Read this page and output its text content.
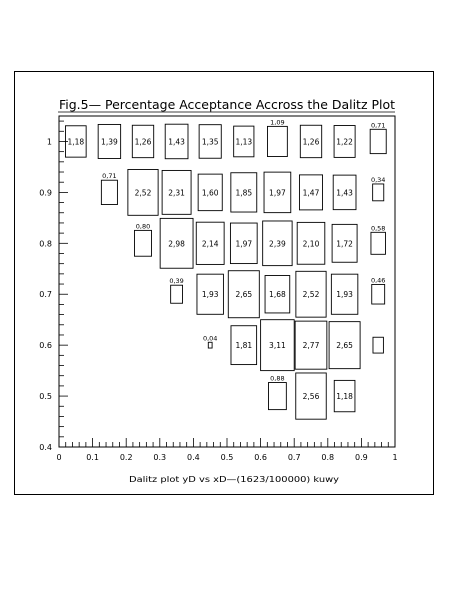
Fig.5— Percentage Acceptance Accross the Dalitz Plot
1,18 1,39 1,26 1,43 1,35 1,13
1,09
1,26 1,22
0,71
0,71
2,52 2,31 1,60 1,85 1,97 1,47 1,43
0,34
0,80
2,98 2,14 1,97 2,39 2,10 1,72
0,58
0,39
1,93 2,65 1,68 2,52 1,93
0,46
0,04
1,81 3,11 2,77 2,65
0,88
2,56 1,18
0	0.1	0.2	0.3	0.4	0.5	0.6	0.7	0.8	0.9	1
0.4
0.5
0.6
0.7
0.8
0.9
1
Dalitz plot yD vs xD—(1623/100000) kuwy
